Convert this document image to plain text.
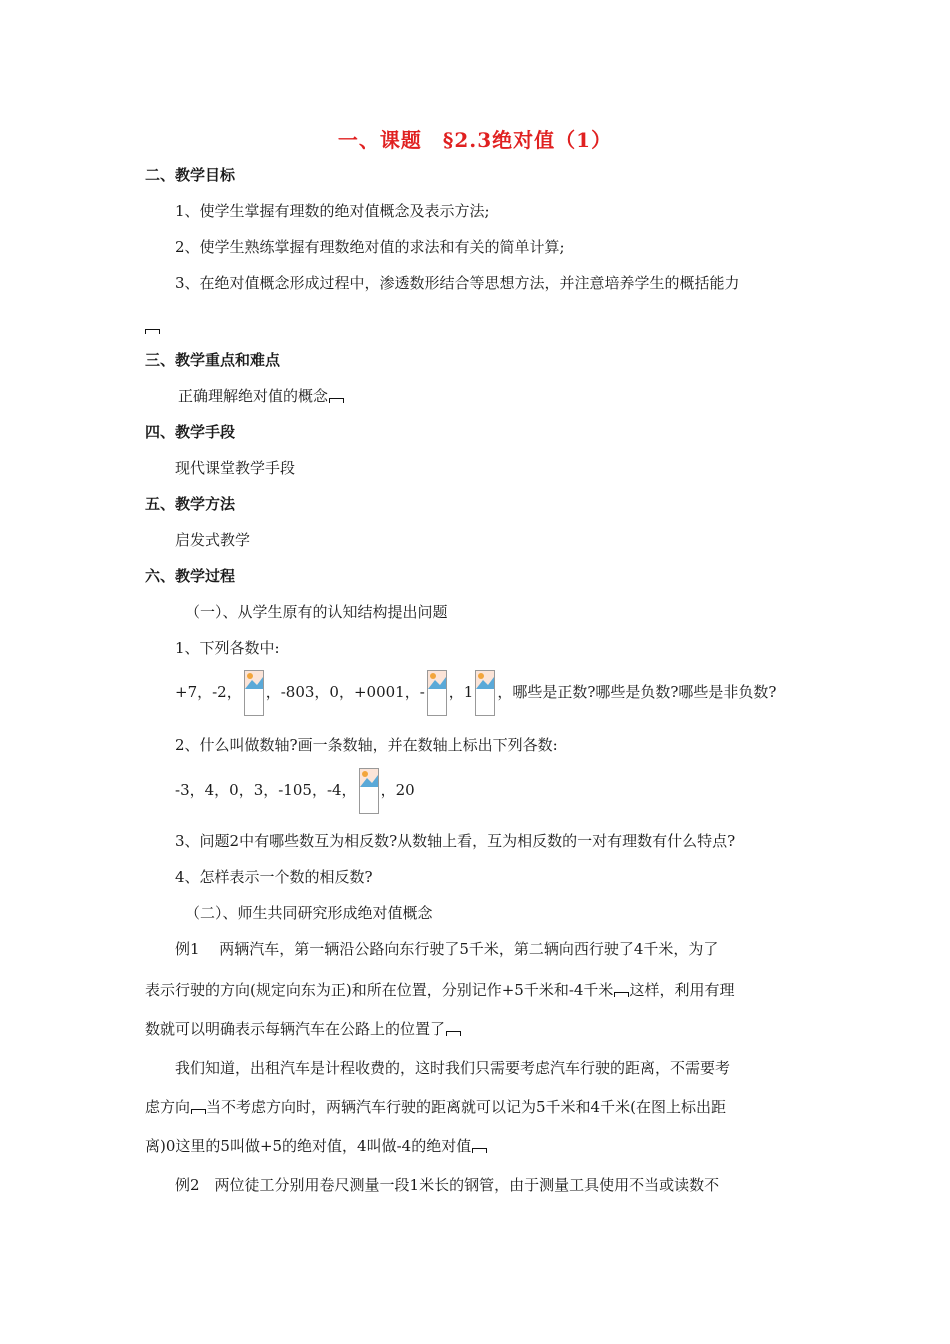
一、课题　§2.3绝对值（1）
二、教学目标
1、使学生掌握有理数的绝对值概念及表示方法;
2、使学生熟练掌握有理数绝对值的求法和有关的简单计算;
3、在绝对值概念形成过程中，渗透数形结合等思想方法，并注意培养学生的概括能力
三、教学重点和难点
正确理解绝对值的概念
四、教学手段
现代课堂教学手段
五、教学方法
启发式教学
六、教学过程
（一）、从学生原有的认知结构提出问题
1、下列各数中:
+7，-2， ，-803，0，+0001，- ，1 ，哪些是正数?哪些是负数?哪些是非负数?
2、什么叫做数轴?画一条数轴，并在数轴上标出下列各数:
-3，4，0，3，-105，-4， ，20
3、问题2中有哪些数互为相反数?从数轴上看，互为相反数的一对有理数有什么特点?
4、怎样表示一个数的相反数?
（二）、师生共同研究形成绝对值概念
例1　 两辆汽车，第一辆沿公路向东行驶了5千米，第二辆向西行驶了4千米，为了
表示行驶的方向(规定向东为正)和所在位置，分别记作+5千米和-4千米 这样，利用有理
数就可以明确表示每辆汽车在公路上的位置了
我们知道，出租汽车是计程收费的，这时我们只需要考虑汽车行驶的距离，不需要考
虑方向 当不考虑方向时，两辆汽车行驶的距离就可以记为5千米和4千米(在图上标出距
离)0这里的5叫做+5的绝对值，4叫做-4的绝对值
例2　两位徒工分别用卷尺测量一段1米长的钢管，由于测量工具使用不当或读数不
